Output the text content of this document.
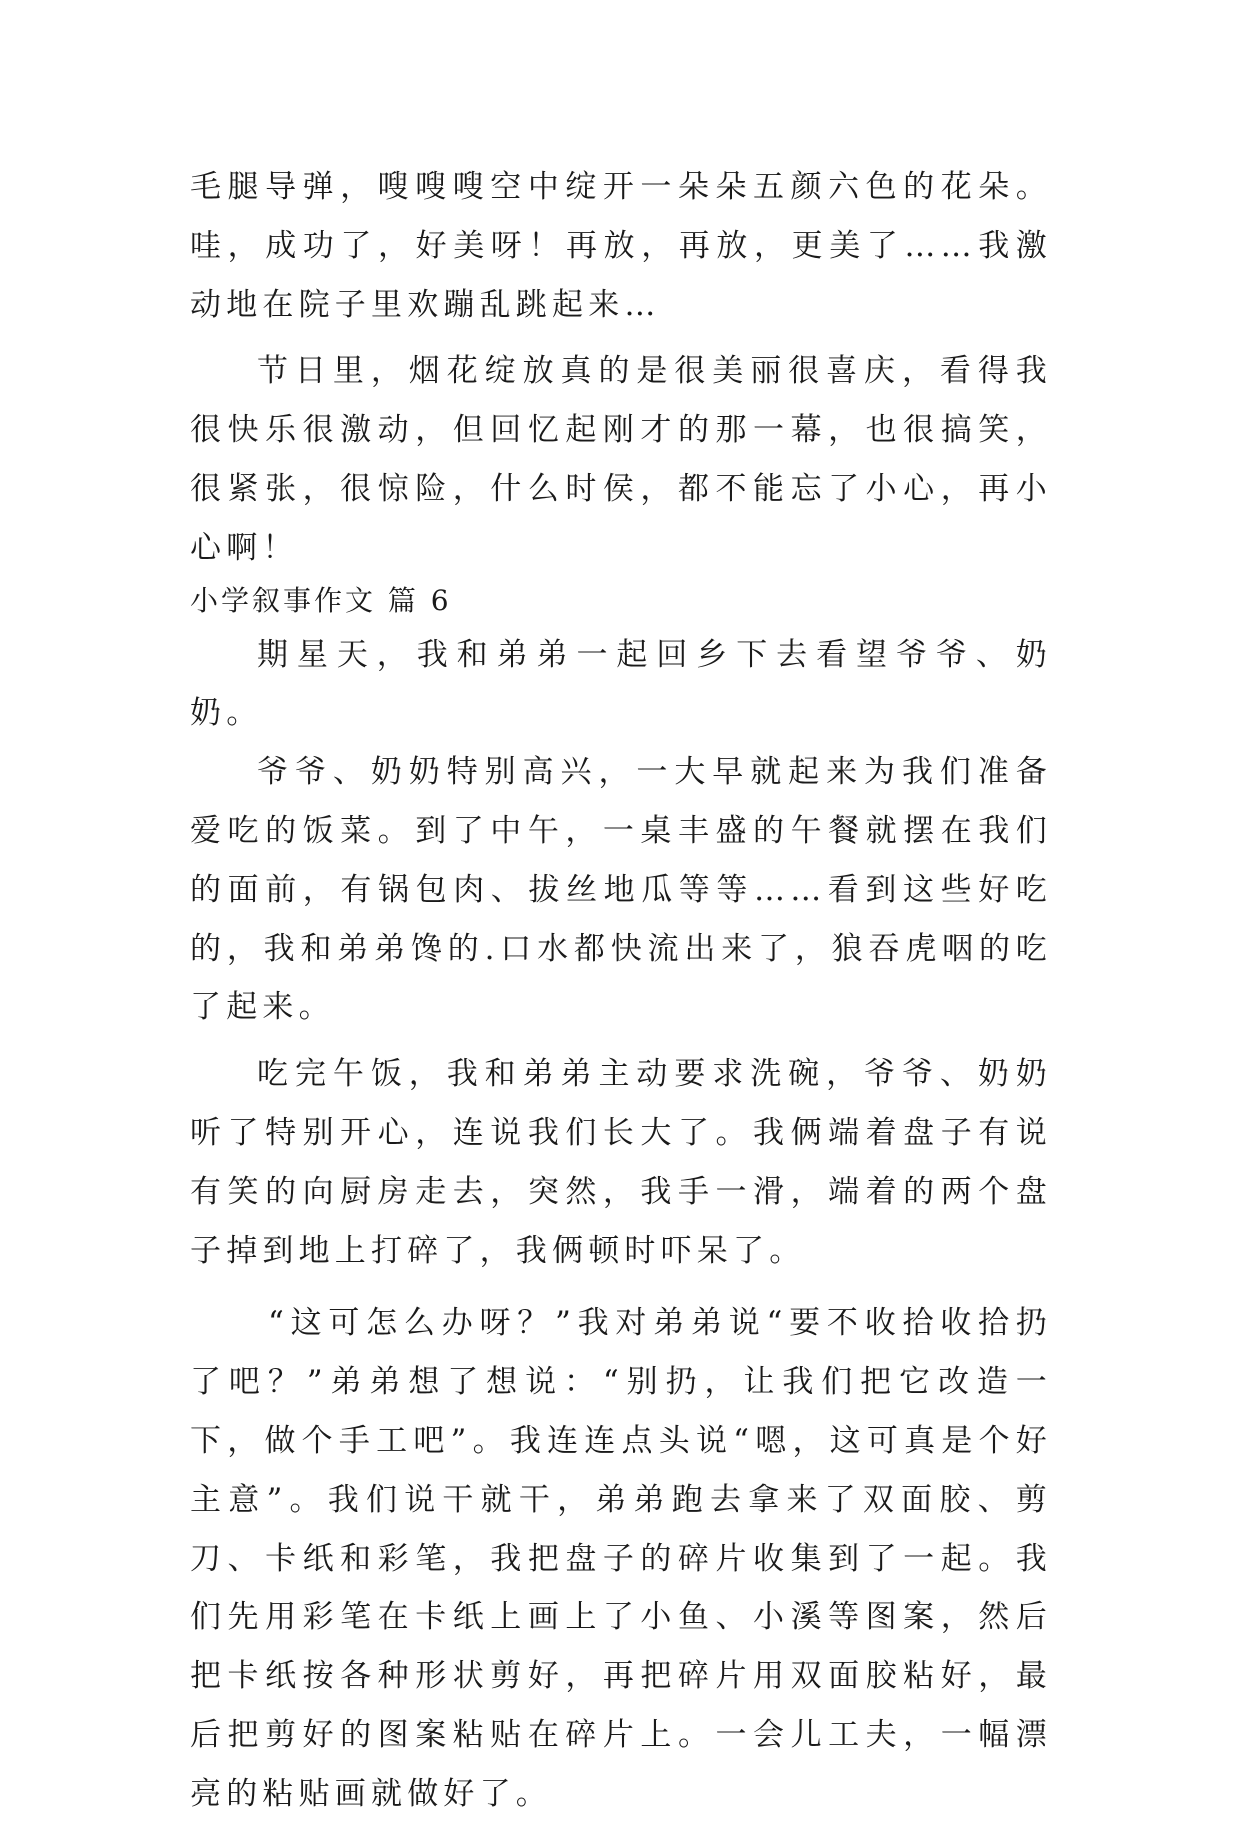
毛腿导弹，嗖嗖嗖空中绽开一朵朵五颜六色的花朵。哇，成功了，好美呀！再放，再放，更美了……我激动地在院子里欢蹦乱跳起来…

节日里，烟花绽放真的是很美丽很喜庆，看得我很快乐很激动，但回忆起刚才的那一幕，也很搞笑，很紧张，很惊险，什么时侯，都不能忘了小心，再小心啊！

小学叙事作文 篇 6

期星天，我和弟弟一起回乡下去看望爷爷、奶奶。

爷爷、奶奶特别高兴，一大早就起来为我们准备爱吃的饭菜。到了中午，一桌丰盛的午餐就摆在我们的面前，有锅包肉、拔丝地瓜等等……看到这些好吃的，我和弟弟馋的.口水都快流出来了，狼吞虎咽的吃了起来。

吃完午饭，我和弟弟主动要求洗碗，爷爷、奶奶听了特别开心，连说我们长大了。我俩端着盘子有说有笑的向厨房走去，突然，我手一滑，端着的两个盘子掉到地上打碎了，我俩顿时吓呆了。

“这可怎么办呀？”我对弟弟说“要不收拾收拾扔了吧？”弟弟想了想说：“别扔，让我们把它改造一下，做个手工吧”。我连连点头说“嗯，这可真是个好主意”。我们说干就干，弟弟跑去拿来了双面胶、剪刀、卡纸和彩笔，我把盘子的碎片收集到了一起。我们先用彩笔在卡纸上画上了小鱼、小溪等图案，然后把卡纸按各种形状剪好，再把碎片用双面胶粘好，最后把剪好的图案粘贴在碎片上。一会儿工夫，一幅漂亮的粘贴画就做好了。
